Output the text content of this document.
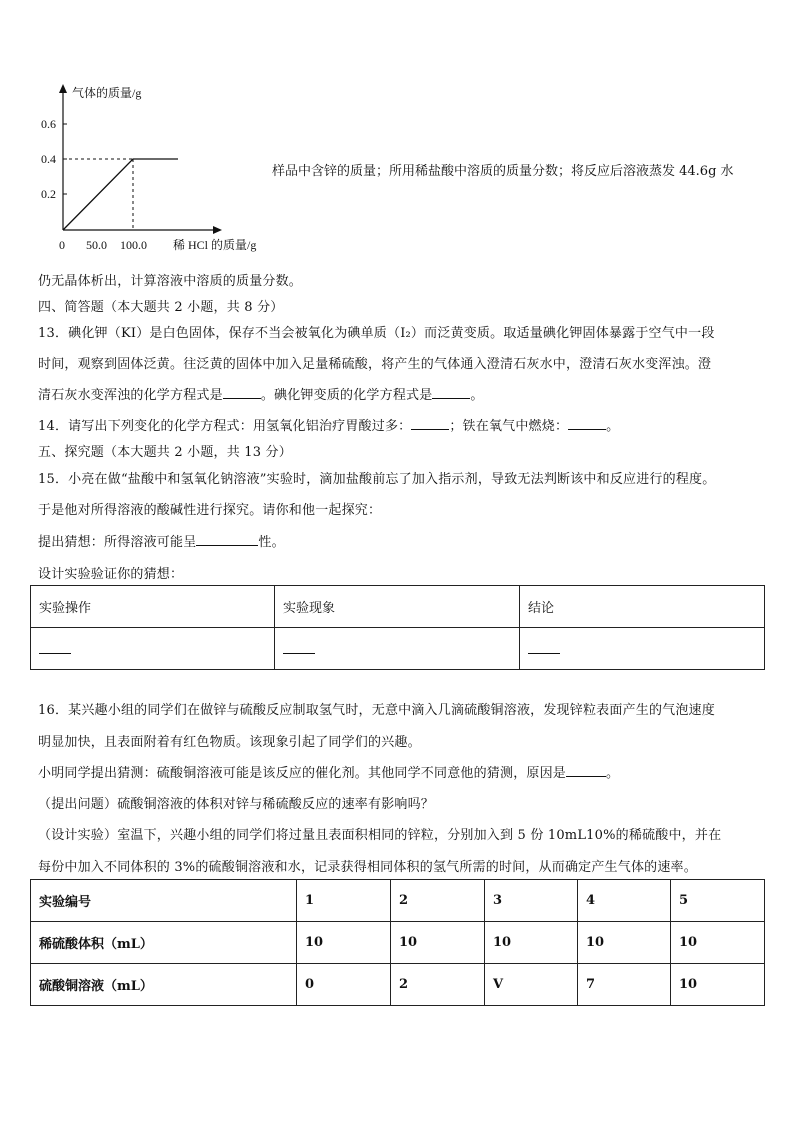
气体的质量/g
0.6
0.4
0.2
0 50.0 100.0 稀 HCl 的质量/g
样品中含锌的质量；所用稀盐酸中溶质的质量分数；将反应后溶液蒸发 44.6g 水
仍无晶体析出，计算溶液中溶质的质量分数。
四、简答题（本大题共 2 小题，共 8 分）
13．碘化钾（KI）是白色固体，保存不当会被氧化为碘单质（I₂）而泛黄变质。取适量碘化钾固体暴露于空气中一段
时间，观察到固体泛黄。往泛黄的固体中加入足量稀硫酸，将产生的气体通入澄清石灰水中，澄清石灰水变浑浊。澄
清石灰水变浑浊的化学方程式是	。碘化钾变质的化学方程式是	。
14．请写出下列变化的化学方程式：用氢氧化铝治疗胃酸过多：	；铁在氧气中燃烧：	。
五、探究题（本大题共 2 小题，共 13 分）
15．小亮在做“盐酸中和氢氧化钠溶液”实验时，滴加盐酸前忘了加入指示剂，导致无法判断该中和反应进行的程度。
于是他对所得溶液的酸碱性进行探究。请你和他一起探究：
提出猜想：所得溶液可能呈	性。
设计实验验证你的猜想：
实验操作	实验现象	结论

16．某兴趣小组的同学们在做锌与硫酸反应制取氢气时，无意中滴入几滴硫酸铜溶液，发现锌粒表面产生的气泡速度
明显加快，且表面附着有红色物质。该现象引起了同学们的兴趣。
小明同学提出猜测：硫酸铜溶液可能是该反应的催化剂。其他同学不同意他的猜测，原因是	。
（提出问题）硫酸铜溶液的体积对锌与稀硫酸反应的速率有影响吗？
（设计实验）室温下，兴趣小组的同学们将过量且表面积相同的锌粒，分别加入到 5 份 10mL10%的稀硫酸中，并在
每份中加入不同体积的 3%的硫酸铜溶液和水，记录获得相同体积的氢气所需的时间，从而确定产生气体的速率。
实验编号	1	2	3	4	5
稀硫酸体积（mL）	10	10	10	10	10
硫酸铜溶液（mL）	0	2	V	7	10
